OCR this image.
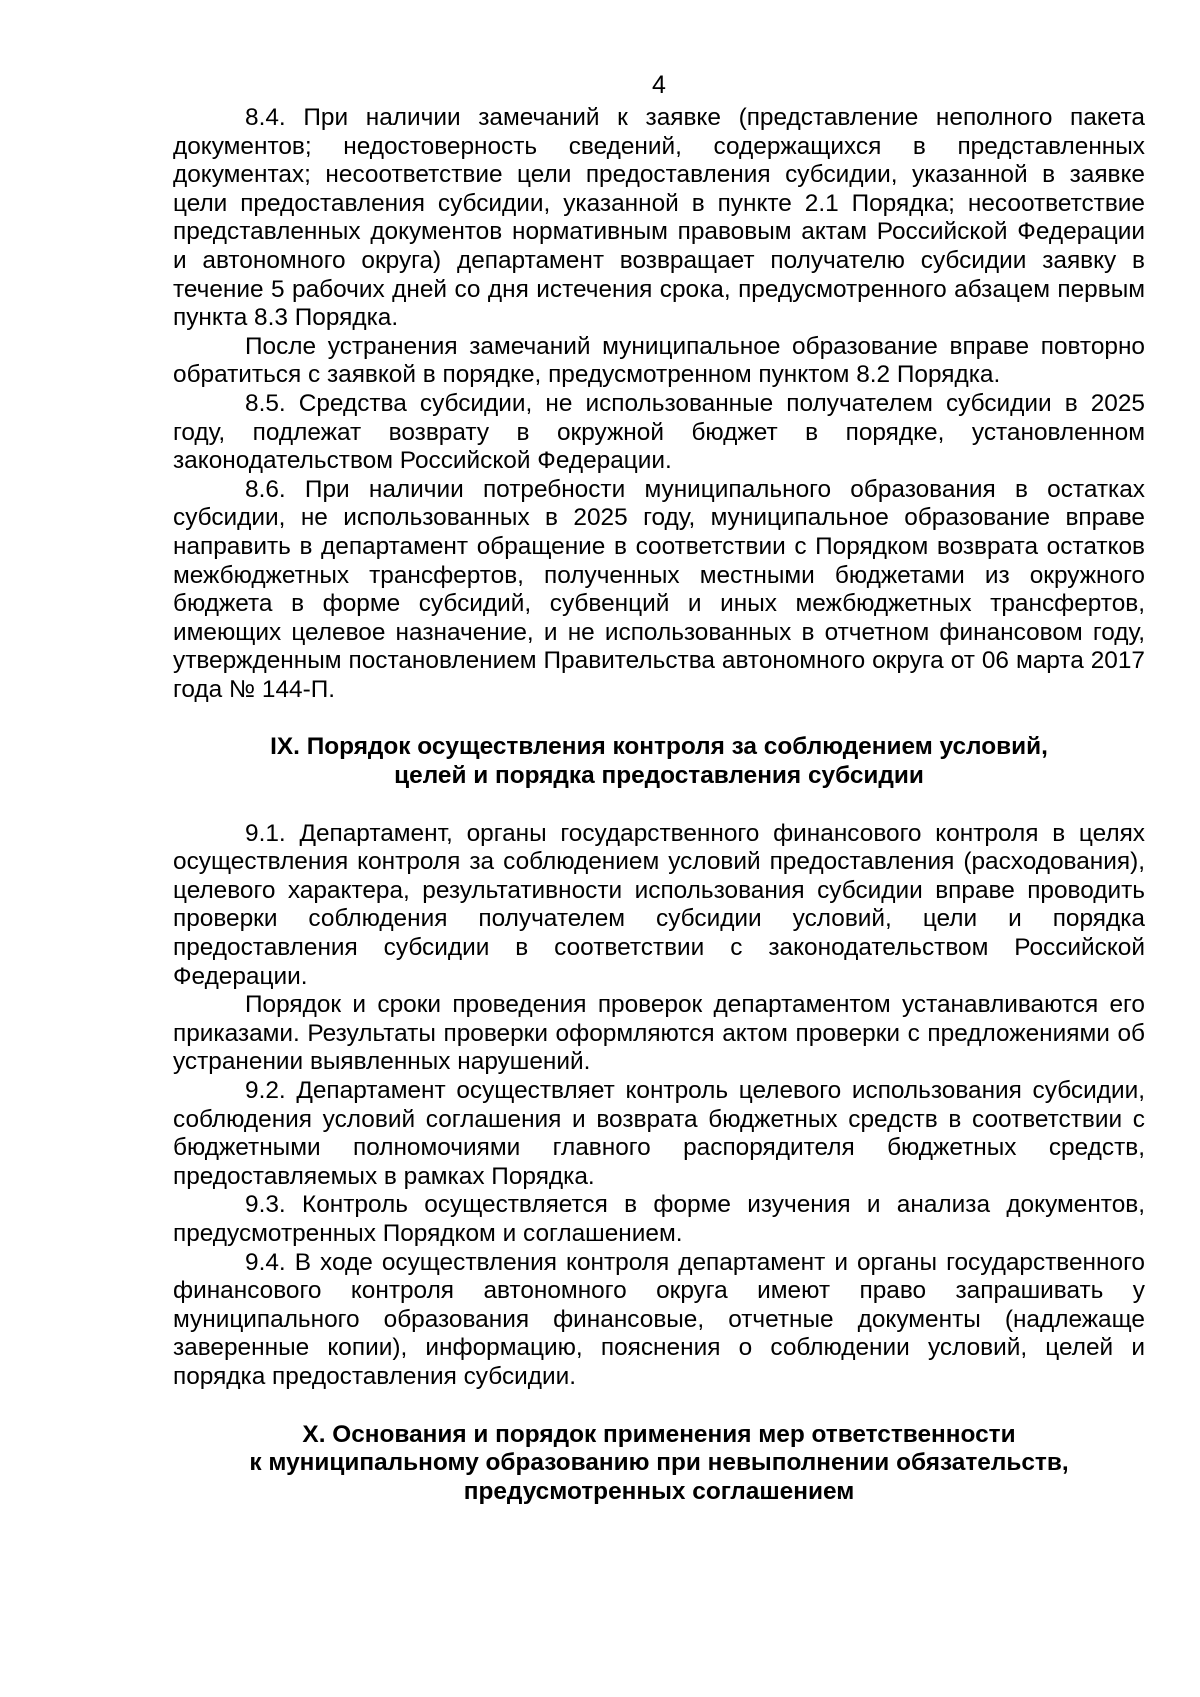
4

8.4. При наличии замечаний к заявке (представление неполного пакета документов; недостоверность сведений, содержащихся в представленных документах; несоответствие цели предоставления субсидии, указанной в заявке цели предоставления субсидии, указанной в пункте 2.1 Порядка; несоответствие представленных документов нормативным правовым актам Российской Федерации и автономного округа) департамент возвращает получателю субсидии заявку в течение 5 рабочих дней со дня истечения срока, предусмотренного абзацем первым пункта 8.3 Порядка.

После устранения замечаний муниципальное образование вправе повторно обратиться с заявкой в порядке, предусмотренном пунктом 8.2 Порядка.

8.5. Средства субсидии, не использованные получателем субсидии в 2025 году, подлежат возврату в окружной бюджет в порядке, установленном законодательством Российской Федерации.

8.6. При наличии потребности муниципального образования в остатках субсидии, не использованных в 2025 году, муниципальное образование вправе направить в департамент обращение в соответствии с Порядком возврата остатков межбюджетных трансфертов, полученных местными бюджетами из окружного бюджета в форме субсидий, субвенций и иных межбюджетных трансфертов, имеющих целевое назначение, и не использованных в отчетном финансовом году, утвержденным постановлением Правительства автономного округа от 06 марта 2017 года № 144-П.

IX. Порядок осуществления контроля за соблюдением условий,
целей и порядка предоставления субсидии

9.1. Департамент, органы государственного финансового контроля в целях осуществления контроля за соблюдением условий предоставления (расходования), целевого характера, результативности использования субсидии вправе проводить проверки соблюдения получателем субсидии условий, цели и порядка предоставления субсидии в соответствии с законодательством Российской Федерации.

Порядок и сроки проведения проверок департаментом устанавливаются его приказами. Результаты проверки оформляются актом проверки с предложениями об устранении выявленных нарушений.

9.2. Департамент осуществляет контроль целевого использования субсидии, соблюдения условий соглашения и возврата бюджетных средств в соответствии с бюджетными полномочиями главного распорядителя бюджетных средств, предоставляемых в рамках Порядка.

9.3. Контроль осуществляется в форме изучения и анализа документов, предусмотренных Порядком и соглашением.

9.4. В ходе осуществления контроля департамент и органы государственного финансового контроля автономного округа имеют право запрашивать у муниципального образования финансовые, отчетные документы (надлежаще заверенные копии), информацию, пояснения о соблюдении условий, целей и порядка предоставления субсидии.

X. Основания и порядок применения мер ответственности
к муниципальному образованию при невыполнении обязательств,
предусмотренных соглашением
